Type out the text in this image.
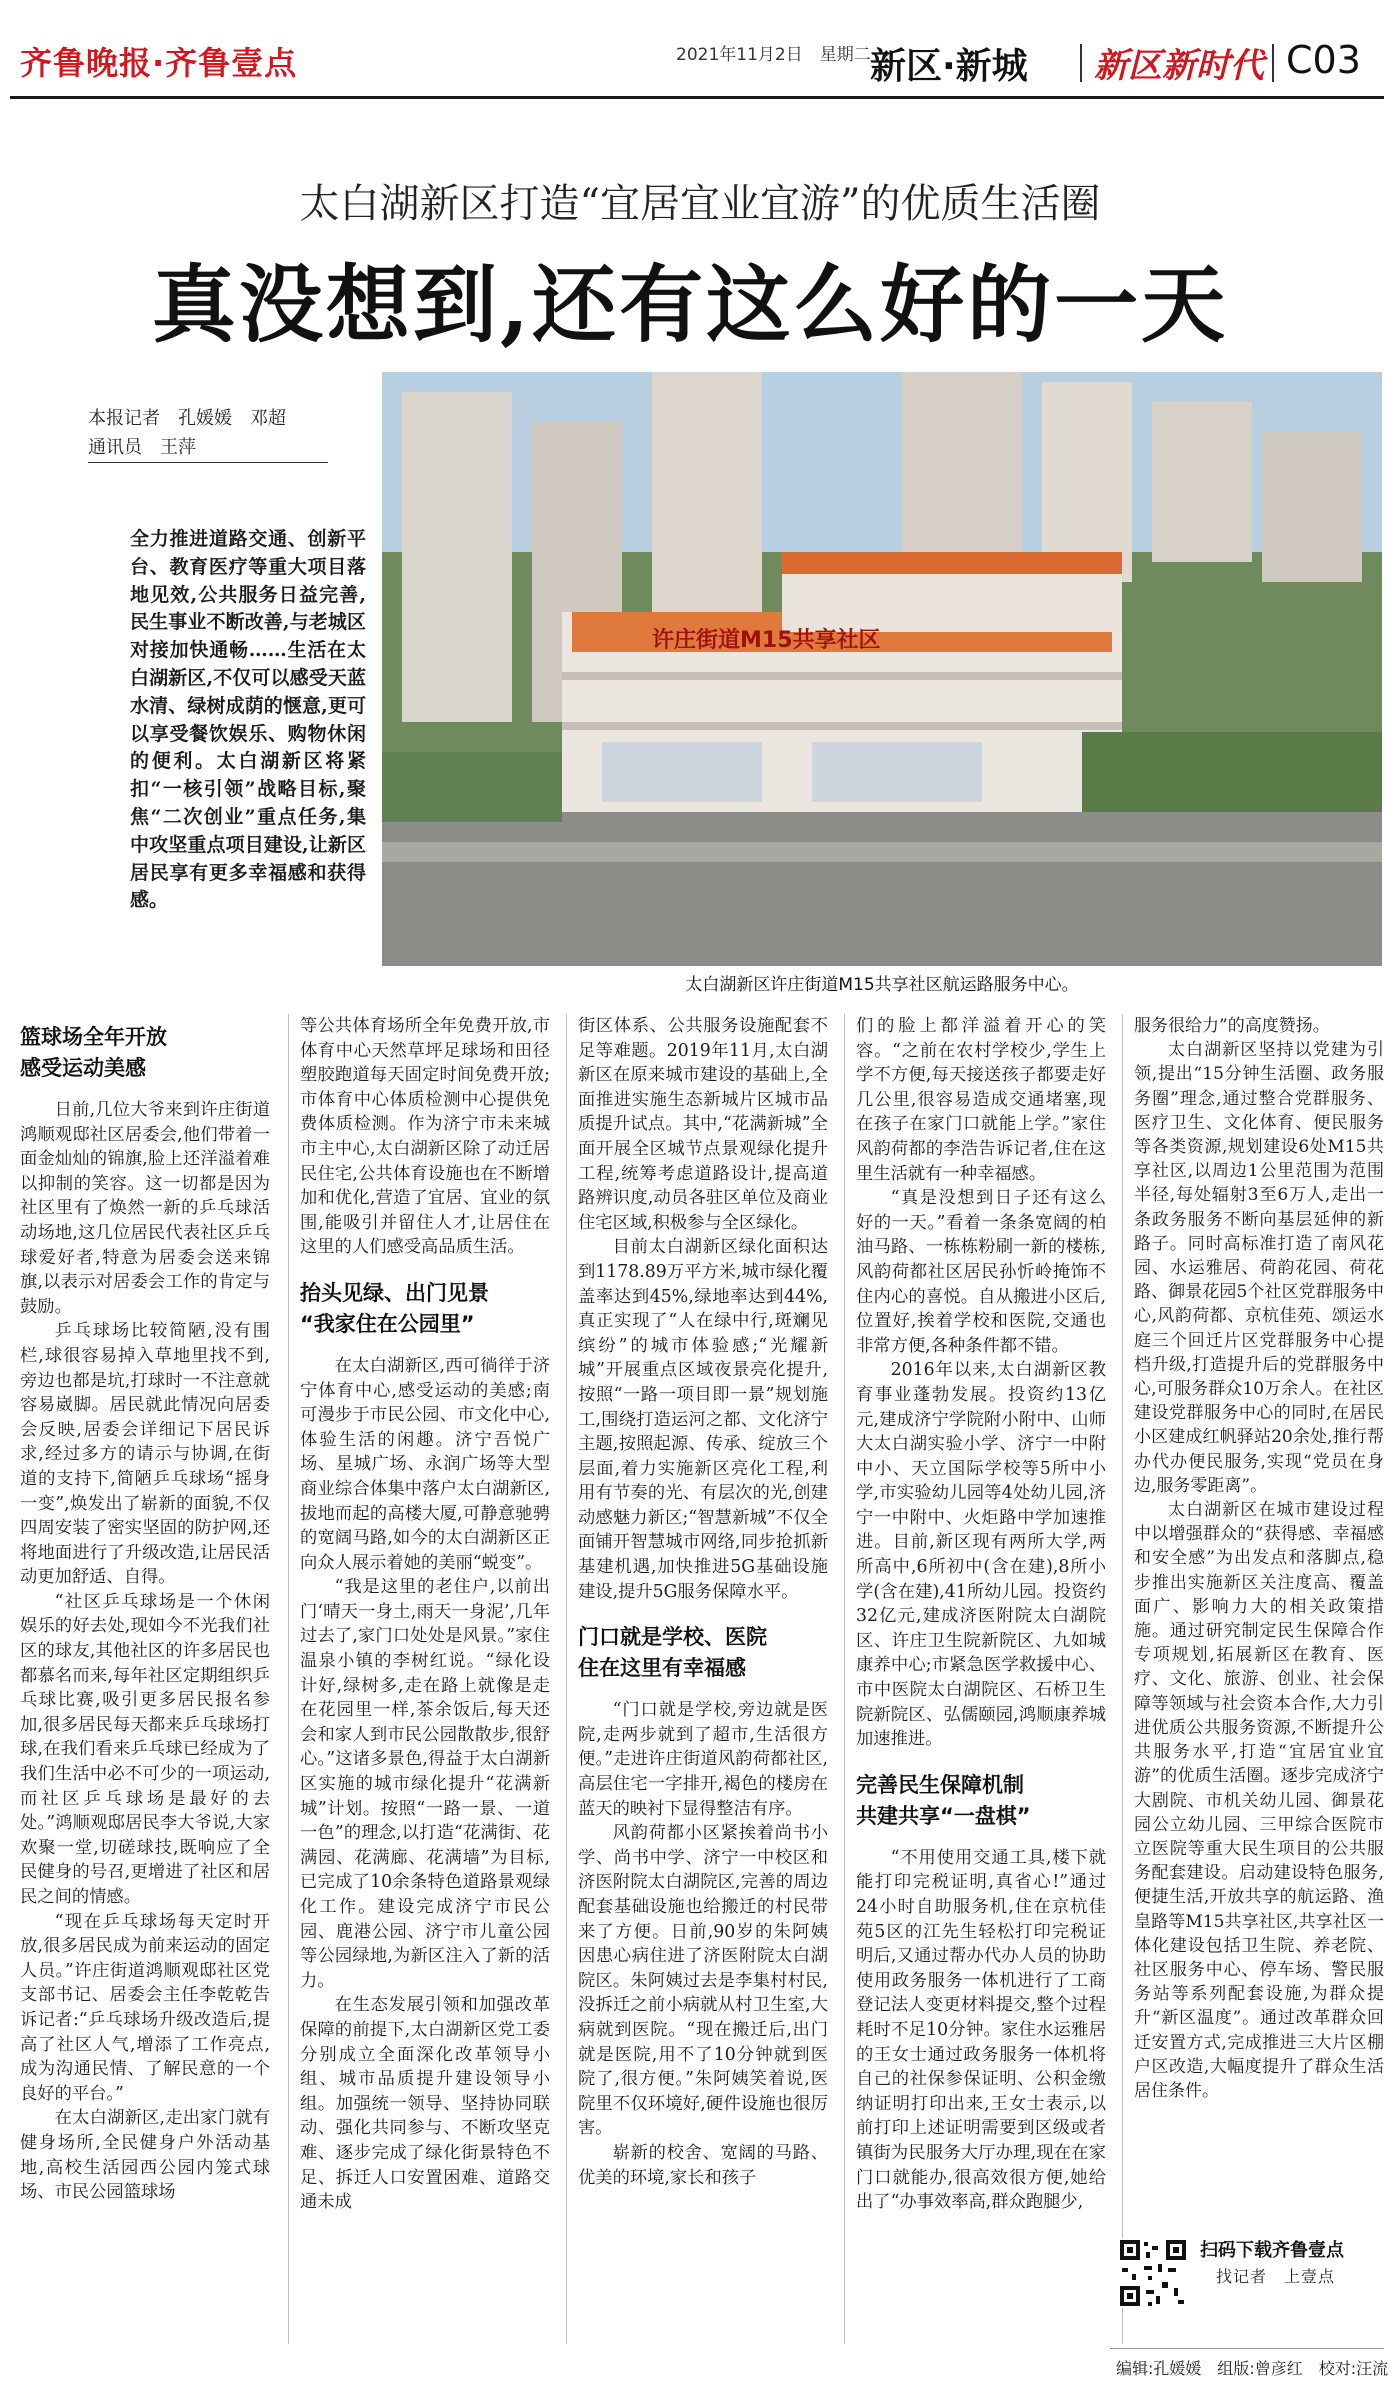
齐鲁晚报·齐鲁壹点	2021年11月2日　星期二 新区·新城 新区新时代 C03
太白湖新区打造“宜居宜业宜游”的优质生活圈
真没想到,还有这么好的一天
本报记者　孔媛媛　邓超
通讯员　王萍
全力推进道路交通、创新平台、教育医疗等重大项目落地见效,公共服务日益完善,民生事业不断改善,与老城区对接加快通畅……生活在太白湖新区,不仅可以感受天蓝水清、绿树成荫的惬意,更可以享受餐饮娱乐、购物休闲的便利。太白湖新区将紧扣“一核引领”战略目标,聚焦“二次创业”重点任务,集中攻坚重点项目建设,让新区居民享有更多幸福感和获得感。
许庄街道M15共享社区
太白湖新区许庄街道M15共享社区航运路服务中心。
篮球场全年开放
感受运动美感

日前,几位大爷来到许庄街道鸿顺观邸社区居委会,他们带着一面金灿灿的锦旗,脸上还洋溢着难以抑制的笑容。这一切都是因为社区里有了焕然一新的乒乓球活动场地,这几位居民代表社区乒乓球爱好者,特意为居委会送来锦旗,以表示对居委会工作的肯定与鼓励。

乒乓球场比较简陋,没有围栏,球很容易掉入草地里找不到,旁边也都是坑,打球时一不注意就容易崴脚。居民就此情况向居委会反映,居委会详细记下居民诉求,经过多方的请示与协调,在街道的支持下,简陋乒乓球场“摇身一变”,焕发出了崭新的面貌,不仅四周安装了密实坚固的防护网,还将地面进行了升级改造,让居民活动更加舒适、自得。

“社区乒乓球场是一个休闲娱乐的好去处,现如今不光我们社区的球友,其他社区的许多居民也都慕名而来,每年社区定期组织乒乓球比赛,吸引更多居民报名参加,很多居民每天都来乒乓球场打球,在我们看来乒乓球已经成为了我们生活中必不可少的一项运动,而社区乒乓球场是最好的去处。”鸿顺观邸居民李大爷说,大家欢聚一堂,切磋球技,既响应了全民健身的号召,更增进了社区和居民之间的情感。

“现在乒乓球场每天定时开放,很多居民成为前来运动的固定人员。”许庄街道鸿顺观邸社区党支部书记、居委会主任李乾乾告诉记者:“乒乓球场升级改造后,提高了社区人气,增添了工作亮点,成为沟通民情、了解民意的一个良好的平台。”

在太白湖新区,走出家门就有健身场所,全民健身户外活动基地,高校生活园西公园内笼式球场、市民公园篮球场

等公共体育场所全年免费开放,市体育中心天然草坪足球场和田径塑胶跑道每天固定时间免费开放;市体育中心体质检测中心提供免费体质检测。作为济宁市未来城市主中心,太白湖新区除了动迁居民住宅,公共体育设施也在不断增加和优化,营造了宜居、宜业的氛围,能吸引并留住人才,让居住在这里的人们感受高品质生活。

抬头见绿、出门见景
“我家住在公园里”

在太白湖新区,西可徜徉于济宁体育中心,感受运动的美感;南可漫步于市民公园、市文化中心,体验生活的闲趣。济宁吾悦广场、星城广场、永润广场等大型商业综合体集中落户太白湖新区,拔地而起的高楼大厦,可静意驰骋的宽阔马路,如今的太白湖新区正向众人展示着她的美丽“蜕变”。

“我是这里的老住户,以前出门‘晴天一身土,雨天一身泥’,几年过去了,家门口处处是风景。”家住温泉小镇的李树红说。“绿化设计好,绿树多,走在路上就像是走在花园里一样,茶余饭后,每天还会和家人到市民公园散散步,很舒心。”这诸多景色,得益于太白湖新区实施的城市绿化提升“花满新城”计划。按照“一路一景、一道一色”的理念,以打造“花满街、花满园、花满廊、花满墙”为目标,已完成了10余条特色道路景观绿化工作。建设完成济宁市民公园、鹿港公园、济宁市儿童公园等公园绿地,为新区注入了新的活力。

在生态发展引领和加强改革保障的前提下,太白湖新区党工委分别成立全面深化改革领导小组、城市品质提升建设领导小组。加强统一领导、坚持协同联动、强化共同参与、不断攻坚克难、逐步完成了绿化街景特色不足、拆迁人口安置困难、道路交通未成

街区体系、公共服务设施配套不足等难题。2019年11月,太白湖新区在原来城市建设的基础上,全面推进实施生态新城片区城市品质提升试点。其中,“花满新城”全面开展全区城节点景观绿化提升工程,统筹考虑道路设计,提高道路辨识度,动员各驻区单位及商业住宅区域,积极参与全区绿化。

目前太白湖新区绿化面积达到1178.89万平方米,城市绿化覆盖率达到45%,绿地率达到44%,真正实现了“人在绿中行,斑斓见缤纷”的城市体验感;“光耀新城”开展重点区域夜景亮化提升,按照“一路一项目即一景”规划施工,围绕打造运河之都、文化济宁主题,按照起源、传承、绽放三个层面,着力实施新区亮化工程,利用有节奏的光、有层次的光,创建动感魅力新区;“智慧新城”不仅全面铺开智慧城市网络,同步抢抓新基建机遇,加快推进5G基础设施建设,提升5G服务保障水平。

门口就是学校、医院
住在这里有幸福感

“门口就是学校,旁边就是医院,走两步就到了超市,生活很方便。”走进许庄街道风韵荷都社区,高层住宅一字排开,褐色的楼房在蓝天的映衬下显得整洁有序。

风韵荷都小区紧挨着尚书小学、尚书中学、济宁一中校区和济医附院太白湖院区,完善的周边配套基础设施也给搬迁的村民带来了方便。日前,90岁的朱阿姨因患心病住进了济医附院太白湖院区。朱阿姨过去是李集村村民,没拆迁之前小病就从村卫生室,大病就到医院。“现在搬迁后,出门就是医院,用不了10分钟就到医院了,很方便。”朱阿姨笑着说,医院里不仅环境好,硬件设施也很厉害。

崭新的校舍、宽阔的马路、优美的环境,家长和孩子

们的脸上都洋溢着开心的笑容。“之前在农村学校少,学生上学不方便,每天接送孩子都要走好几公里,很容易造成交通堵塞,现在孩子在家门口就能上学。”家住风韵荷都的李浩告诉记者,住在这里生活就有一种幸福感。

“真是没想到日子还有这么好的一天。”看着一条条宽阔的柏油马路、一栋栋粉刷一新的楼栋,风韵荷都社区居民孙忻岭掩饰不住内心的喜悦。自从搬进小区后,位置好,挨着学校和医院,交通也非常方便,各种条件都不错。

2016年以来,太白湖新区教育事业蓬勃发展。投资约13亿元,建成济宁学院附小附中、山师大太白湖实验小学、济宁一中附中小、天立国际学校等5所中小学,市实验幼儿园等4处幼儿园,济宁一中附中、火炬路中学加速推进。目前,新区现有两所大学,两所高中,6所初中(含在建),8所小学(含在建),41所幼儿园。投资约32亿元,建成济医附院太白湖院区、许庄卫生院新院区、九如城康养中心;市紧急医学救援中心、市中医院太白湖院区、石桥卫生院新院区、弘儒颐园,鸿顺康养城加速推进。

完善民生保障机制
共建共享“一盘棋”

“不用使用交通工具,楼下就能打印完税证明,真省心!”通过24小时自助服务机,住在京杭佳苑5区的江先生轻松打印完税证明后,又通过帮办代办人员的协助使用政务服务一体机进行了工商登记法人变更材料提交,整个过程耗时不足10分钟。家住水运雅居的王女士通过政务服务一体机将自己的社保参保证明、公积金缴纳证明打印出来,王女士表示,以前打印上述证明需要到区级或者镇街为民服务大厅办理,现在在家门口就能办,很高效很方便,她给出了“办事效率高,群众跑腿少,

服务很给力”的高度赞扬。

太白湖新区坚持以党建为引领,提出“15分钟生活圈、政务服务圈”理念,通过整合党群服务、医疗卫生、文化体育、便民服务等各类资源,规划建设6处M15共享社区,以周边1公里范围为范围半径,每处辐射3至6万人,走出一条政务服务不断向基层延伸的新路子。同时高标准打造了南风花园、水运雅居、荷韵花园、荷花路、御景花园5个社区党群服务中心,风韵荷都、京杭佳苑、颂运水庭三个回迁片区党群服务中心提档升级,打造提升后的党群服务中心,可服务群众10万余人。在社区建设党群服务中心的同时,在居民小区建成红帆驿站20余处,推行帮办代办便民服务,实现“党员在身边,服务零距离”。

太白湖新区在城市建设过程中以增强群众的“获得感、幸福感和安全感”为出发点和落脚点,稳步推出实施新区关注度高、覆盖面广、影响力大的相关政策措施。通过研究制定民生保障合作专项规划,拓展新区在教育、医疗、文化、旅游、创业、社会保障等领域与社会资本合作,大力引进优质公共服务资源,不断提升公共服务水平,打造“宜居宜业宜游”的优质生活圈。逐步完成济宁大剧院、市机关幼儿园、御景花园公立幼儿园、三甲综合医院市立医院等重大民生项目的公共服务配套建设。启动建设特色服务,便捷生活,开放共享的航运路、渔皇路等M15共享社区,共享社区一体化建设包括卫生院、养老院、社区服务中心、停车场、警民服务站等系列配套设施,为群众提升“新区温度”。通过改革群众回迁安置方式,完成推进三大片区棚户区改造,大幅度提升了群众生活居住条件。

扫码下载齐鲁壹点
找记者　上壹点
编辑:孔媛媛　组版:曾彦红　校对:汪流
